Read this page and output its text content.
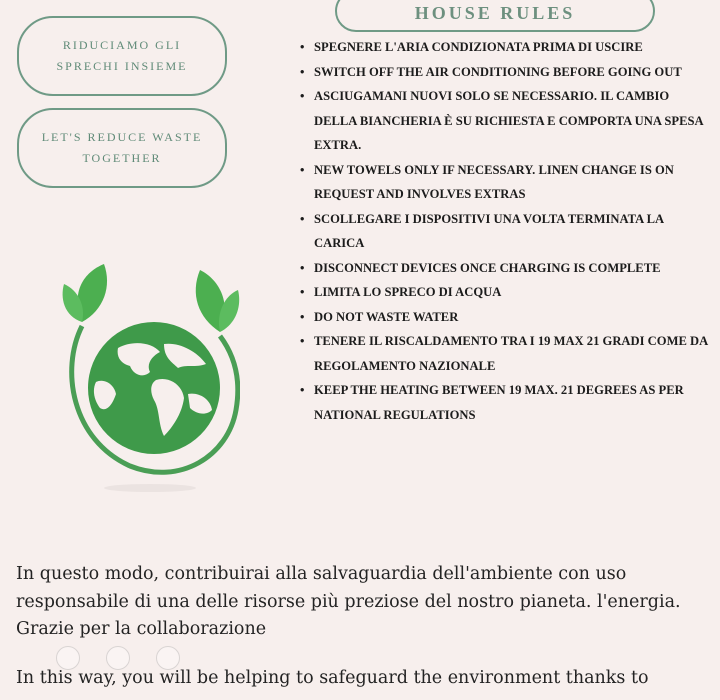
RIDUCIAMO GLI
SPRECHI INSIEME
LET'S REDUCE WASTE
TOGETHER
HOUSE RULES
• SPEGNERE L'ARIA CONDIZIONATA PRIMA DI USCIRE
• SWITCH OFF THE AIR CONDITIONING BEFORE GOING OUT
• ASCIUGAMANI NUOVI SOLO SE NECESSARIO. IL CAMBIO DELLA BIANCHERIA È SU RICHIESTA E COMPORTA UNA SPESA EXTRA.
• NEW TOWELS ONLY IF NECESSARY. LINEN CHANGE IS ON REQUEST AND INVOLVES EXTRAS
• SCOLLEGARE I DISPOSITIVI UNA VOLTA TERMINATA LA CARICA
• DISCONNECT DEVICES ONCE CHARGING IS COMPLETE
• LIMITA LO SPRECO DI ACQUA
• DO NOT WASTE WATER
• TENERE IL RISCALDAMENTO TRA I 19 MAX 21 GRADI COME DA REGOLAMENTO NAZIONALE
• KEEP THE HEATING BETWEEN 19 MAX. 21 DEGREES AS PER NATIONAL REGULATIONS

In questo modo, contribuirai alla salvaguardia dell'ambiente con uso responsabile di una delle risorse più preziose del nostro pianeta. l'energia. Grazie per la collaborazione

In this way, you will be helping to safeguard the environment thanks to
